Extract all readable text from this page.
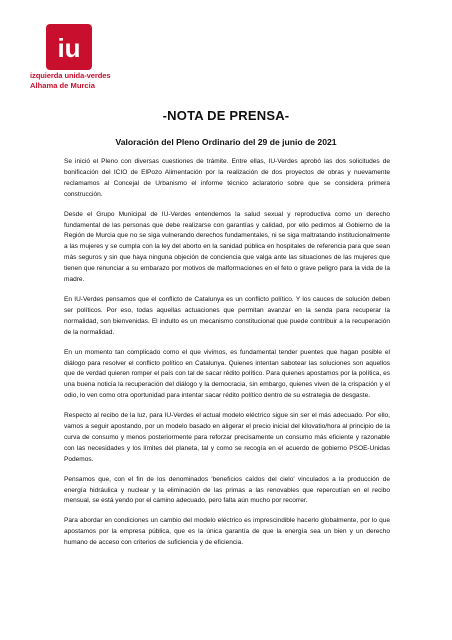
iu
izquierda unida-verdes
Alhama de Murcia
-NOTA DE PRENSA-
Valoración del Pleno Ordinario del 29 de junio de 2021

Se inició el Pleno con diversas cuestiones de trámite. Entre ellas, IU-Verdes aprobó las dos solicitudes de bonificación del ICIO de ElPozo Alimentación por la realización de dos proyectos de obras y nuevamente reclamamos al Concejal de Urbanismo el informe técnico aclaratorio sobre que se considera primera construcción.

Desde el Grupo Municipal de IU-Verdes entendemos la salud sexual y reproductiva como un derecho fundamental de las personas que debe realizarse con garantías y calidad, por ello pedimos al Gobierno de la Región de Murcia que no se siga vulnerando derechos fundamentales, ni se siga maltratando institucionalmente a las mujeres y se cumpla con la ley del aborto en la sanidad pública en hospitales de referencia para que sean más seguros y sin que haya ninguna objeción de conciencia que valga ante las situaciones de las mujeres que tienen que renunciar a su embarazo por motivos de malformaciones en el feto o grave peligro para la vida de la madre.

En IU-Verdes pensamos que el conflicto de Catalunya es un conflicto político. Y los cauces de solución deben ser políticos. Por eso, todas aquellas actuaciones que permitan avanzar en la senda para recuperar la normalidad, son bienvenidas. El indulto es un mecanismo constitucional que puede contribuir a la recuperación de la normalidad.

En un momento tan complicado como el que vivimos, es fundamental tender puentes que hagan posible el diálogo para resolver el conflicto político en Catalunya. Quienes intentan sabotear las soluciones son aquellos que de verdad quieren romper el país con tal de sacar rédito político. Para quienes apostamos por la política, es una buena noticia la recuperación del diálogo y la democracia, sin embargo, quienes viven de la crispación y el odio, lo ven como otra oportunidad para intentar sacar rédito político dentro de su estrategia de desgaste.

Respecto al recibo de la luz, para IU-Verdes el actual modelo eléctrico sigue sin ser el más adecuado. Por ello, vamos a seguir apostando, por un modelo basado en aligerar el precio inicial del kilovatio/hora al principio de la curva de consumo y menos posteriormente para reforzar precisamente un consumo más eficiente y razonable con las necesidades y los límites del planeta, tal y como se recogía en el acuerdo de gobierno PSOE-Unidas Podemos.

Pensamos que, con el fin de los denominados 'beneficios caídos del cielo' vinculados a la producción de energía hidráulica y nuclear y la eliminación de las primas a las renovables que repercutían en el recibo mensual, se está yendo por el camino adecuado, pero falta aún mucho por recorrer.

Para abordar en condiciones un cambio del modelo eléctrico es imprescindible hacerlo globalmente, por lo que apostamos por la empresa pública, que es la única garantía de que la energía sea un bien y un derecho humano de acceso con criterios de suficiencia y de eficiencia.
